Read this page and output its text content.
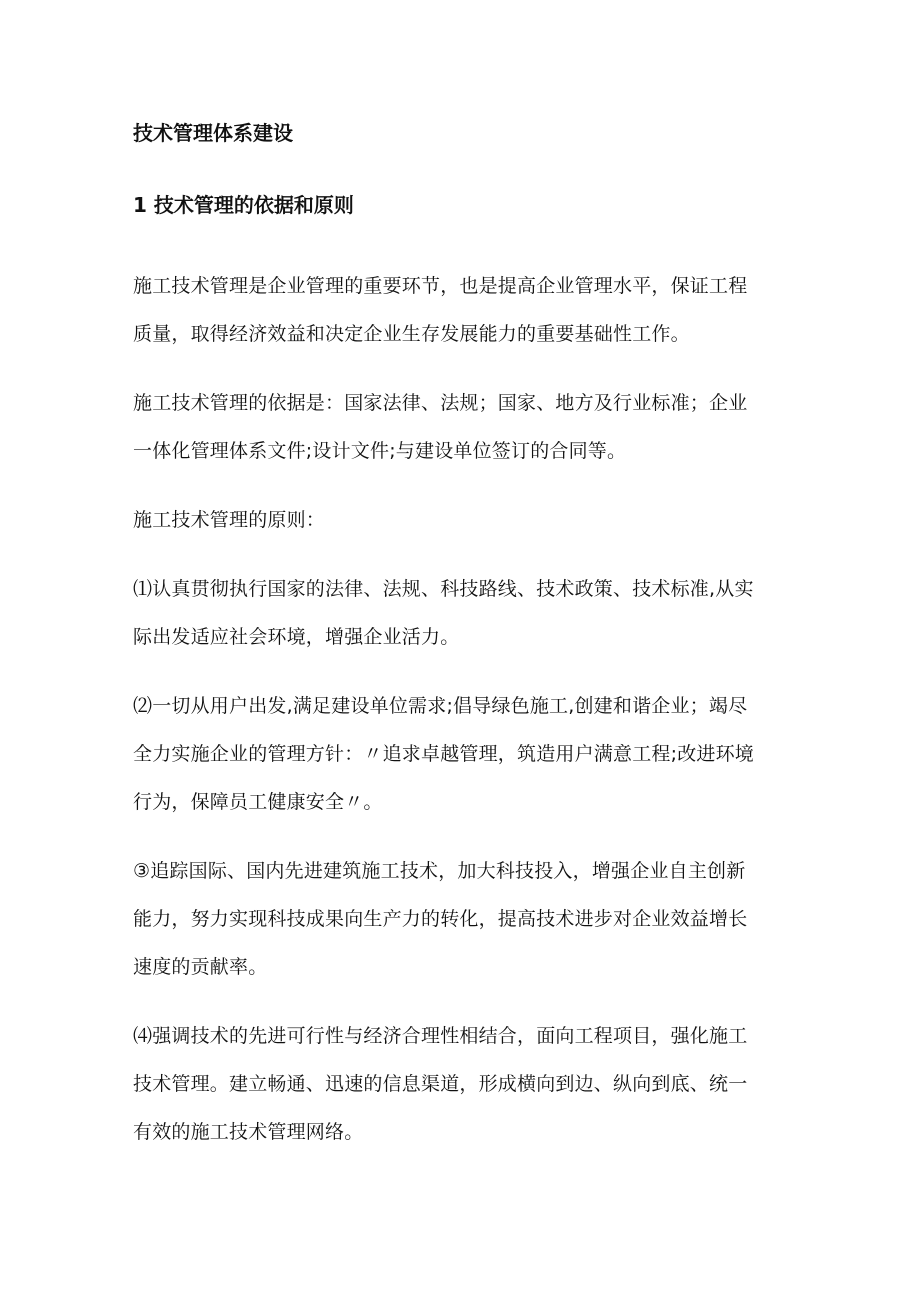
技术管理体系建设
1 技术管理的依据和原则
施工技术管理是企业管理的重要环节，也是提高企业管理水平，保证工程
质量，取得经济效益和决定企业生存发展能力的重要基础性工作。
施工技术管理的依据是：国家法律、法规；国家、地方及行业标准；企业
一体化管理体系文件;设计文件;与建设单位签订的合同等。
施工技术管理的原则：
⑴认真贯彻执行国家的法律、法规、科技路线、技术政策、技术标准,从实
际出发适应社会环境，增强企业活力。
⑵一切从用户出发,满足建设单位需求;倡导绿色施工,创建和谐企业；竭尽
全力实施企业的管理方针：〃追求卓越管理，筑造用户满意工程;改进环境
行为，保障员工健康安全〃。
③追踪国际、国内先进建筑施工技术，加大科技投入，增强企业自主创新
能力，努力实现科技成果向生产力的转化，提高技术进步对企业效益增长
速度的贡献率。
⑷强调技术的先进可行性与经济合理性相结合，面向工程项目，强化施工
技术管理。建立畅通、迅速的信息渠道，形成横向到边、纵向到底、统一
有效的施工技术管理网络。
